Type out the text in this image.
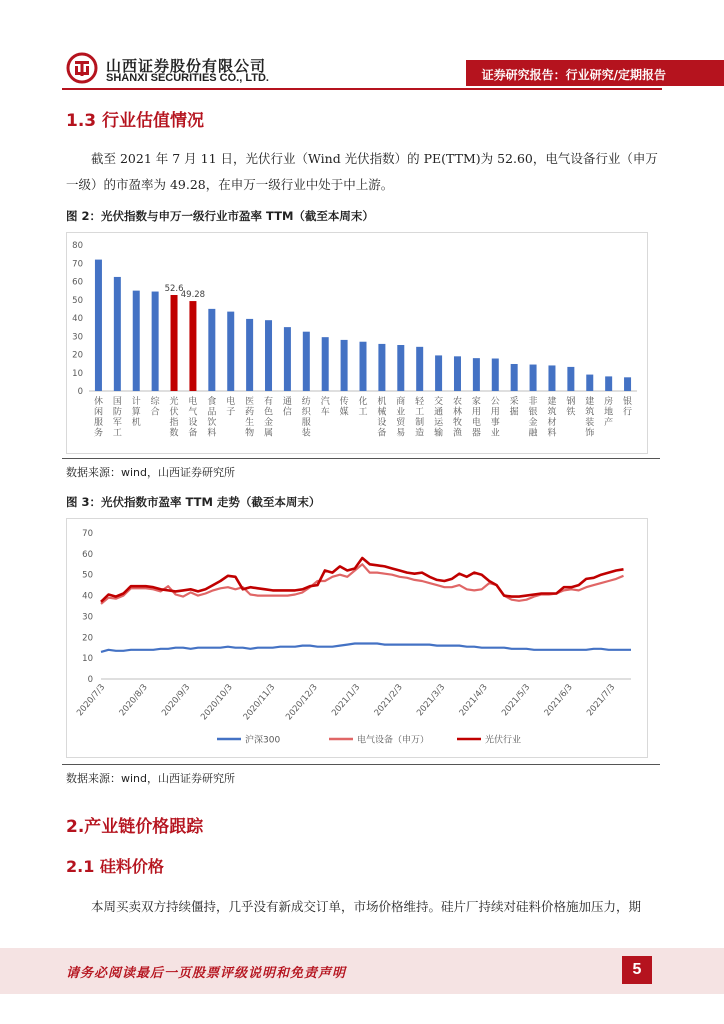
山西证券股份有限公司
SHANXI SECURITIES CO., LTD.	证券研究报告：行业研究/定期报告
1.3 行业估值情况
截至 2021 年 7 月 11 日，光伏行业（Wind 光伏指数）的 PE(TTM)为 52.60，电气设备行业（申万一级）的市盈率为 49.28，在申万一级行业中处于中上游。
图 2：光伏指数与申万一级行业市盈率 TTM（截至本周末）
0
10
20
30
40
50
60
70
80
休
闲
服
务
国
防
军
工
计
算
机
综
合
52.6
光
伏
指
数
49.28
电
气
设
备
食
品
饮
料
电
子
医
药
生
物
有
色
金
属
通
信
纺
织
服
装
汽
车
传
媒
化
工
机
械
设
备
商
业
贸
易
轻
工
制
造
交
通
运
输
农
林
牧
渔
家
用
电
器
公
用
事
业
采
掘
非
银
金
融
建
筑
材
料
钢
铁
建
筑
装
饰
房
地
产
银
行
数据来源：wind，山西证券研究所
图 3：光伏指数市盈率 TTM 走势（截至本周末）
0
10
20
30
40
50
60
70
2020/7/3 2020/8/3 2020/9/3 2020/10/3 2020/11/3 2020/12/3 2021/1/3 2021/2/3 2021/3/3 2021/4/3 2021/5/3 2021/6/3 2021/7/3
沪深300	电气设备（申万）	光伏行业
数据来源：wind，山西证券研究所
2.产业链价格跟踪
2.1 硅料价格
本周买卖双方持续僵持，几乎没有新成交订单，市场价格维持。硅片厂持续对硅料价格施加压力，期
请务必阅读最后一页股票评级说明和免责声明	5
